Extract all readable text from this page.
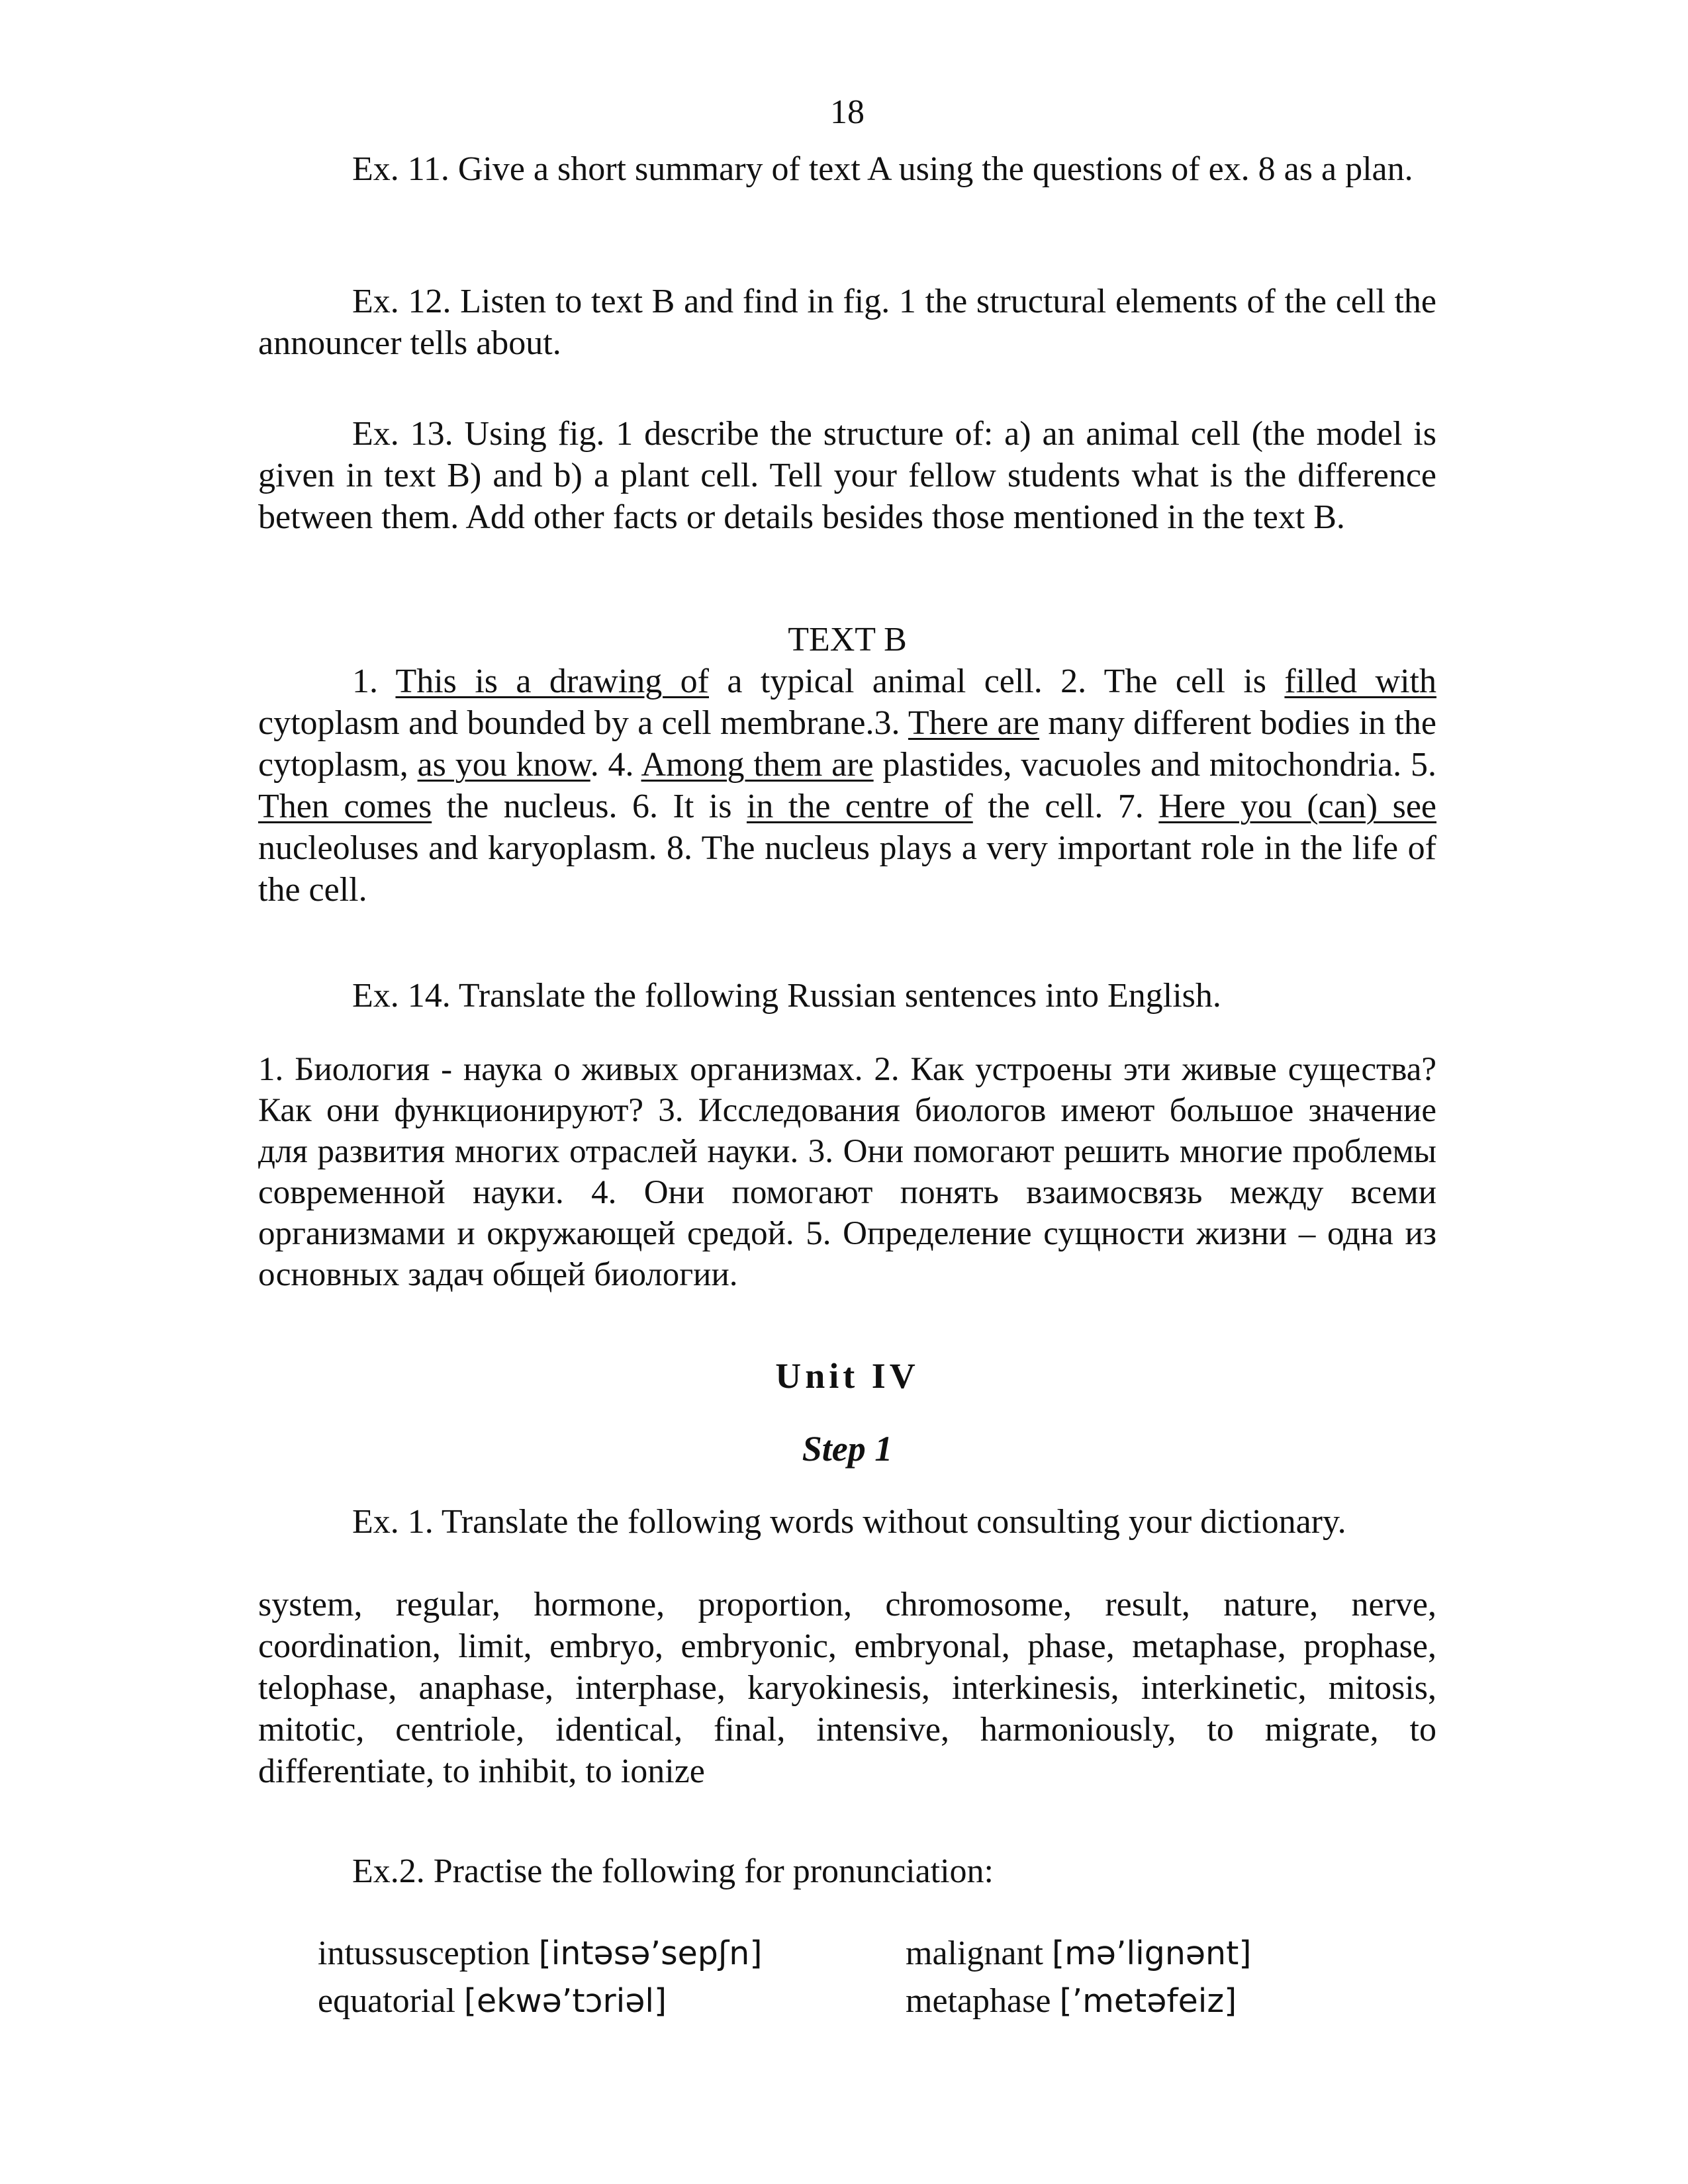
18
Ex. 11. Give a short summary of text A using the questions of ex. 8 as a plan.
Ex. 12. Listen to text B and find in fig. 1 the structural elements of the cell the announcer tells about.
Ex. 13. Using fig. 1 describe the structure of: a) an animal cell (the model is given in text B) and b) a plant cell. Tell your fellow students what is the difference between them. Add other facts or details besides those mentioned in the text B.
TEXT B
1. This is a drawing of a typical animal cell. 2. The cell is filled with cytoplasm and bounded by a cell membrane.3. There are many different bodies in the cytoplasm, as you know. 4. Among them are plastides, vacuoles and mitochondria. 5. Then comes the nucleus. 6. It is in the centre of the cell. 7. Here you (can) see nucleoluses and karyoplasm. 8. The nucleus plays a very important role in the life of the cell.
Ex. 14. Translate the following Russian sentences into English.
1. Биология - наука о живых организмах. 2. Как устроены эти живые существа? Как они функционируют? 3. Исследования биологов имеют большое значение для развития многих отраслей науки. 3. Они помогают решить многие проблемы современной науки. 4. Они помогают понять взаимосвязь между всеми организмами и окружающей средой. 5. Определение сущности жизни – одна из основных задач общей биологии.
Unit IV
Step 1
Ex. 1. Translate the following words without consulting your dictionary.
system, regular, hormone, proportion, chromosome, result, nature, nerve, coordination, limit, embryo, embryonic, embryonal, phase, metaphase, prophase, telophase, anaphase, interphase, karyokinesis, interkinesis, interkinetic, mitosis, mitotic, centriole, identical, final, intensive, harmoniously, to migrate, to differentiate, to inhibit, to ionize
Ex.2. Practise the following for pronunciation:
intussusception [intəsə’sepʃn]	malignant [mə’lignənt]
equatorial [ekwə’tɔriəl]	metaphase [’metəfeiz]
